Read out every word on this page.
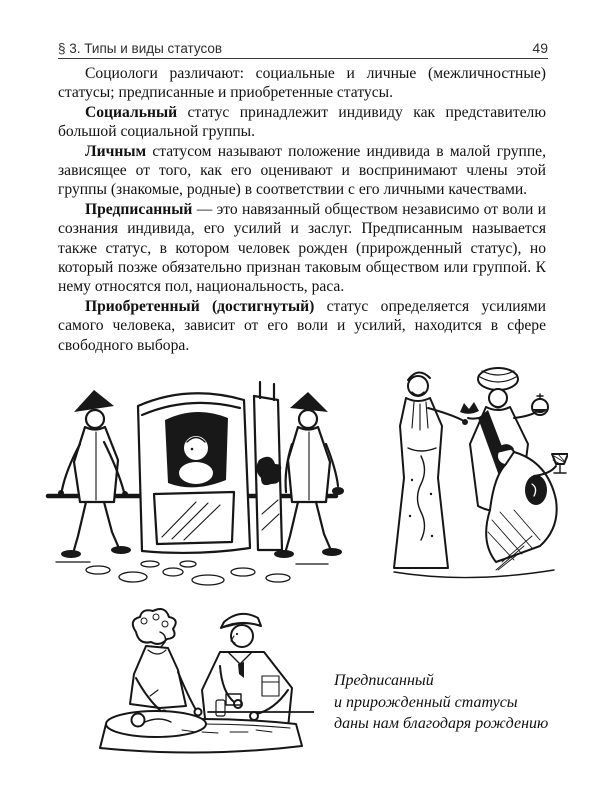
§ 3. Типы и виды статусов	49

Социологи различают: социальные и личные (межличностные) статусы; предписанные и приобретенные статусы.

Социальный статус принадлежит индивиду как представителю большой социальной группы.

Личным статусом называют положение индивида в малой группе, зависящее от того, как его оценивают и воспринимают члены этой группы (знакомые, родные) в соответствии с его личными качествами.

Предписанный — это навязанный обществом независимо от воли и сознания индивида, его усилий и заслуг. Предписанным называется также статус, в котором человек рожден (прирожденный статус), но который позже обязательно признан таковым обществом или группой. К нему относятся пол, национальность, раса.

Приобретенный (достигнутый) статус определяется усилиями самого человека, зависит от его воли и усилий, находится в сфере свободного выбора.

Предписанный
и прирожденный статусы
даны нам благодаря рождению
